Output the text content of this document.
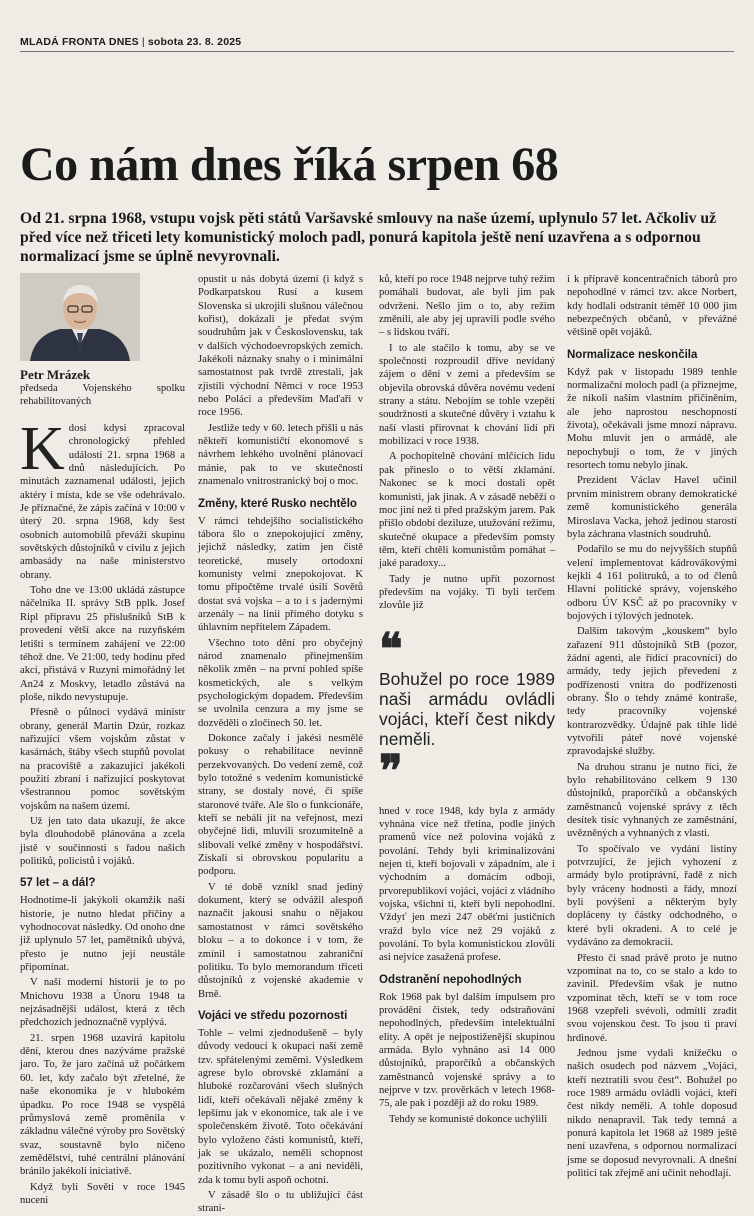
MLADÁ FRONTA DNES | sobota 23. 8. 2025
Co nám dnes říká srpen 68
Od 21. srpna 1968, vstupu vojsk pěti států Varšavské smlouvy na naše území, uplynulo 57 let. Ačkoliv už před více než třiceti lety komunistický moloch padl, ponurá kapitola ještě není uzavřena a s odpornou normalizací jsme se úplně nevyrovnali.
Petr Mrázek
předseda Vojenského spolku rehabilitovaných

Kdosi kdysi zpracoval chronologický přehled událostí 21. srpna 1968 a dnů následujících. Po minutách zaznamenal události, jejich aktéry i místa, kde se vše odehrávalo. Je příznačné, že zápis začíná v 10:00 v úterý 20. srpna 1968, kdy šest osobních automobilů převáží skupinu sovětských důstojníků v civilu z jejich ambasády na naše ministerstvo obrany.

Toho dne ve 13:00 ukládá zástupce náčelníka II. správy StB pplk. Josef Ripl přípravu 25 příslušníků StB k provedení větší akce na ruzyňském letišti s termínem zahájení ve 22:00 téhož dne. Ve 21:00, tedy hodinu před akcí, přistává v Ruzyni mimořádný let An24 z Moskvy, letadlo zůstává na ploše, nikdo nevystupuje.

Přesně o půlnoci vydává ministr obrany, generál Martin Dzúr, rozkaz nařizující všem vojskům zůstat v kasárnách, štáby všech stupňů povolat na pracoviště a zakazující jakékoli použití zbraní i nařizující poskytovat všestrannou pomoc sovětským vojskům na našem území.

Už jen tato data ukazují, že akce byla dlouhodobě plánována a zcela jistě v součinnosti s řadou našich politiků, policistů i vojáků.

57 let – a dál?

Hodnotíme-li jakýkoli okamžik naší historie, je nutno hledat příčiny a vyhodnocovat následky. Od onoho dne již uplynulo 57 let, pamětníků ubývá, přesto je nutno její neustále připomínat.

V naší moderní historii je to po Mnichovu 1938 a Únoru 1948 ta nejzásadnější událost, která z těch předchozích jednoznačně vyplývá.

21. srpen 1968 uzavírá kapitolu dění, kterou dnes nazýváme pražské jaro. To, že jaro začíná už počátkem 60. let, kdy začalo být zřetelné, že naše ekonomika je v hlubokém úpadku. Po roce 1948 se vyspělá průmyslová země proměnila v základnu válečné výroby pro Sovětský svaz, soustavně bylo ničeno zemědělství, tuhé centrální plánování bránilo jakékoli iniciativě.

Když byli Sověti v roce 1945 nuceni

opustit u nás dobytá území (i když s Podkarpatskou Rusí a kusem Slovenska si ukrojili slušnou válečnou kořist), dokázali je předat svým soudruhům jak v Československu, tak v dalších východoevropských zemích. Jakékoli náznaky snahy o i minimální samostatnost pak tvrdě ztrestali, jak zjistili východní Němci v roce 1953 nebo Poláci a především Maďaři v roce 1956.

Jestliže tedy v 60. letech přišli u nás někteří komunističtí ekonomové s návrhem lehkého uvolnění plánovací mánie, pak to ve skutečnosti znamenalo vnitrostranický boj o moc.

Změny, které Rusko nechtělo

V rámci tehdejšího socialistického tábora šlo o znepokojující změny, jejichž následky, zatím jen čistě teoretické, musely ortodoxní komunisty velmi znepokojovat. K tomu připočtěme trvalé úsilí Sovětů dostat svá vojska – a to i s jadernými arzenály – na linii přímého dotyku s úhlavním nepřítelem Západem.

Všechno toto dění pro obyčejný národ znamenalo přinejmenším několik změn – na první pohled spíše kosmetických, ale s velkým psychologickým dopadem. Především se uvolnila cenzura a my jsme se dozvěděli o zločinech 50. let.

Dokonce začaly i jakési nesmělé pokusy o rehabilitace nevinně perzekvovaných. Do vedení země, což bylo totožné s vedením komunistické strany, se dostaly nové, či spíše staronové tváře. Ale šlo o funkcionáře, kteří se nebáli jít na veřejnost, mezi obyčejné lidi, mluvili srozumitelně a slibovali velké změny v hospodářství. Získali si obrovskou popularitu a podporu.

V té době vznikl snad jediný dokument, který se odvážil alespoň naznačit jakousi snahu o nějakou samostatnost v rámci sovětského bloku – a to dokonce i v tom, že zmínil i samostatnou zahraniční politiku. To bylo memorandum třiceti důstojníků z vojenské akademie v Brně.

Vojáci ve středu pozornosti

Tohle – velmi zjednodušeně – byly důvody vedoucí k okupaci naší země tzv. spřátelenými zeměmi. Výsledkem agrese bylo obrovské zklamání a hluboké rozčarování všech slušných lidí, kteří očekávali nějaké změny k lepšímu jak v ekonomice, tak ale i ve společenském životě. Toto očekávání bylo vyloženo části komunistů, kteří, jak se ukázalo, neměli schopnost pozitivního vykonat – a ani neviděli, zda k tomu byli aspoň ochotni.

V zásadě šlo o tu ubližující část strani-

ků, kteří po roce 1948 nejprve tuhý režim pomáhali budovat, ale byli jim pak odvrženi. Nešlo jim o to, aby režim změnili, ale aby jej upravili podle svého – s lidskou tváří.

I to ale stačilo k tomu, aby se ve společnosti rozproudil dříve nevídaný zájem o dění v zemi a především se objevila obrovská důvěra novému vedení strany a státu. Nebojím se tohle vzepětí soudržnosti a skutečné důvěry i vztahu k naší vlasti přirovnat k chování lidí při mobilizaci v roce 1938.

A pochopitelně chování mlčících lidu pak přineslo o to větší zklamání. Nakonec se k moci dostali opět komunisti, jak jinak. A v zásadě neběží o moc jiní než ti před pražským jarem. Pak přišlo období deziluze, utužování režimu, skutečné okupace a především pomsty těm, kteří chtěli komunistům pomáhat – jaké paradoxy...

Tady je nutno upřít pozornost především na vojáky. Ti byli terčem zlovůle již

❝
Bohužel po roce 1989 naši armádu ovládli vojáci, kteří čest nikdy neměli.
❞

hned v roce 1948, kdy byla z armády vyhnána více než třetina, podle jiných pramenů více než polovina vojáků z povolání. Tehdy byli kriminalizováni nejen ti, kteří bojovali v západním, ale i východním a domácím odboji, prvorepublikoví vojáci, vojáci z vládního vojska, všichni ti, kteří byli nepohodlní. Vždyť jen mezi 247 oběťmi justičních vražd bylo více než 29 vojáků z povolání. To byla komunistickou zlovůlí asi nejvíce zasažená profese.

Odstranění nepohodlných

Rok 1968 pak byl dalším impulsem pro provádění čistek, tedy odstraňování nepohodlných, především intelektuální elity. A opět je nejpostiženější skupinou armáda. Bylo vyhnáno asi 14 000 důstojníků, praporčíků a občanských zaměstnanců vojenské správy a to nejprve v tzv. prověrkách v letech 1968-75, ale pak i později až do roku 1989.

Tehdy se komunisté dokonce uchýlili

i k přípravě koncentračních táborů pro nepohodlné v rámci tzv. akce Norbert, kdy hodlali odstranit téměř 10 000 jim nebezpečných občanů, v převážné většině opět vojáků.

Normalizace neskončila

Když pak v listopadu 1989 tenhle normalizační moloch padl (a přiznejme, že nikoli naším vlastním přičiněním, ale jeho naprostou neschopností života), očekávali jsme mnozí nápravu. Mohu mluvit jen o armádě, ale nepochybuji o tom, že v jiných resortech tomu nebylo jinak.

Prezident Václav Havel učinil prvním ministrem obrany demokratické země komunistického generála Miroslava Vacka, jehož jedinou starostí byla záchrana vlastních soudruhů.

Podařilo se mu do nejvyšších stupňů velení implementovat kádrovákovými kejkli 4 161 politruků, a to od členů Hlavní politické správy, vojenského odboru ÚV KSČ až po pracovníky v bojových i týlových jednotek.

Dalším takovým „kouskem“ bylo zařazení 911 důstojníků StB (pozor, žádní agenti, ale řídící pracovníci) do armády, tedy jejich převedení z podřízenosti vnitra do podřízenosti obrany. Šlo o tehdy známé kontraše, tedy pracovníky vojenské kontrarozvědky. Údajně pak tihle lidé vytvořili páteř nové vojenské zpravodajské služby.

Na druhou stranu je nutno říci, že bylo rehabilitováno celkem 9 130 důstojníků, praporčíků a občanských zaměstnanců vojenské správy z těch desítek tisíc vyhnaných ze zaměstnání, uvězněných a vyhnaných z vlasti.

To spočívalo ve vydání listiny potvrzující, že jejich vyhození z armády bylo protiprávní, řadě z nich byly vráceny hodnosti a řády, mnozí byli povýšeni a některým byly dopláceny ty částky odchodného, o které byli okradeni. A to celé je vydáváno za demokracii.

Přesto či snad právě proto je nutno vzpomínat na to, co se stalo a kdo to zavinil. Především však je nutno vzpomínat těch, kteří se v tom roce 1968 vzepřeli svévoli, odmítli zradit svou vojenskou čest. To jsou ti praví hrdinové.

Jednou jsme vydali knížečku o našich osudech pod názvem „Vojáci, kteří neztratili svou čest“. Bohužel po roce 1989 armádu ovládli vojáci, kteří čest nikdy neměli. A tohle doposud nikdo nenapravil. Tak tedy temná a ponurá kapitola let 1968 až 1989 ještě není uzavřena, s odpornou normalizací jsme se doposud nevyrovnali. A dnešní politici tak zřejmě ani učinit nehodlají.
